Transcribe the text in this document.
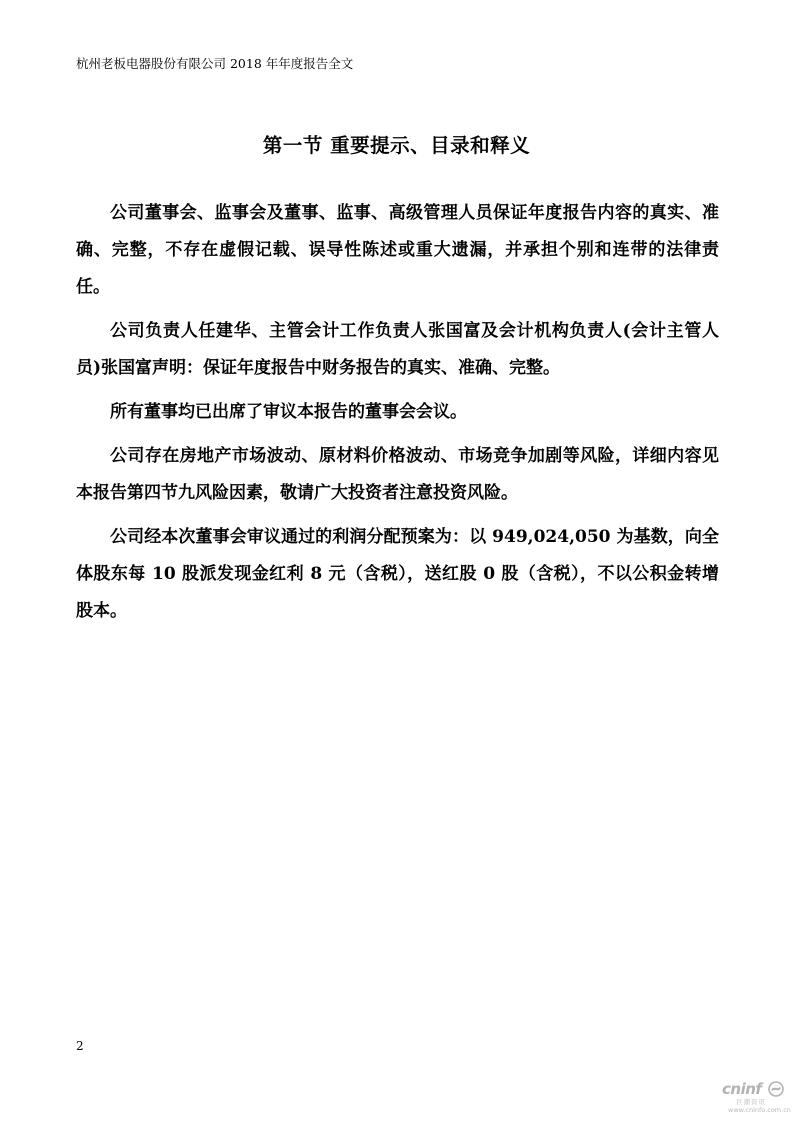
杭州老板电器股份有限公司 2018 年年度报告全文
第一节 重要提示、目录和释义

公司董事会、监事会及董事、监事、高级管理人员保证年度报告内容的真实、准确、完整，不存在虚假记载、误导性陈述或重大遗漏，并承担个别和连带的法律责任。

公司负责人任建华、主管会计工作负责人张国富及会计机构负责人(会计主管人员)张国富声明：保证年度报告中财务报告的真实、准确、完整。

所有董事均已出席了审议本报告的董事会会议。

公司存在房地产市场波动、原材料价格波动、市场竞争加剧等风险，详细内容见本报告第四节九风险因素，敬请广大投资者注意投资风险。

公司经本次董事会审议通过的利润分配预案为：以 949,024,050 为基数，向全体股东每 10 股派发现金红利 8 元（含税），送红股 0 股（含税），不以公积金转增股本。

2
cninf
巨潮资讯
www.cninfo.com.cn
